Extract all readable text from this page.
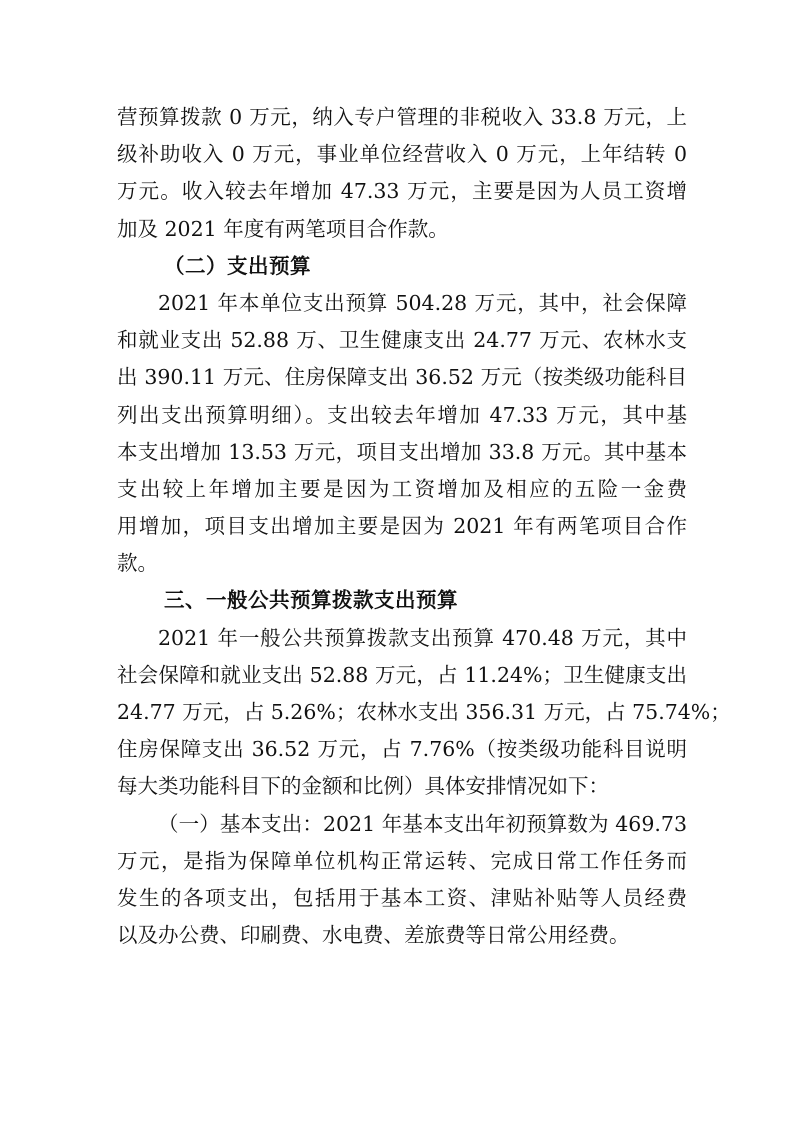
营预算拨款 0 万元，纳入专户管理的非税收入 33.8 万元，上
级补助收入 0 万元，事业单位经营收入 0 万元，上年结转 0
万元。收入较去年增加 47.33 万元，主要是因为人员工资增
加及 2021 年度有两笔项目合作款。
（二）支出预算
2021 年本单位支出预算 504.28 万元，其中，社会保障
和就业支出 52.88 万、卫生健康支出 24.77 万元、农林水支
出 390.11 万元、住房保障支出 36.52 万元（按类级功能科目
列出支出预算明细）。支出较去年增加 47.33 万元，其中基
本支出增加 13.53 万元，项目支出增加 33.8 万元。其中基本
支出较上年增加主要是因为工资增加及相应的五险一金费
用增加，项目支出增加主要是因为 2021 年有两笔项目合作
款。
三、一般公共预算拨款支出预算
2021 年一般公共预算拨款支出预算 470.48 万元，其中
社会保障和就业支出 52.88 万元，占 11.24%；卫生健康支出
24.77 万元，占 5.26%；农林水支出 356.31 万元，占 75.74%；
住房保障支出 36.52 万元，占 7.76%（按类级功能科目说明
每大类功能科目下的金额和比例）具体安排情况如下：
（一）基本支出：2021 年基本支出年初预算数为 469.73
万元，是指为保障单位机构正常运转、完成日常工作任务而
发生的各项支出，包括用于基本工资、津贴补贴等人员经费
以及办公费、印刷费、水电费、差旅费等日常公用经费。
